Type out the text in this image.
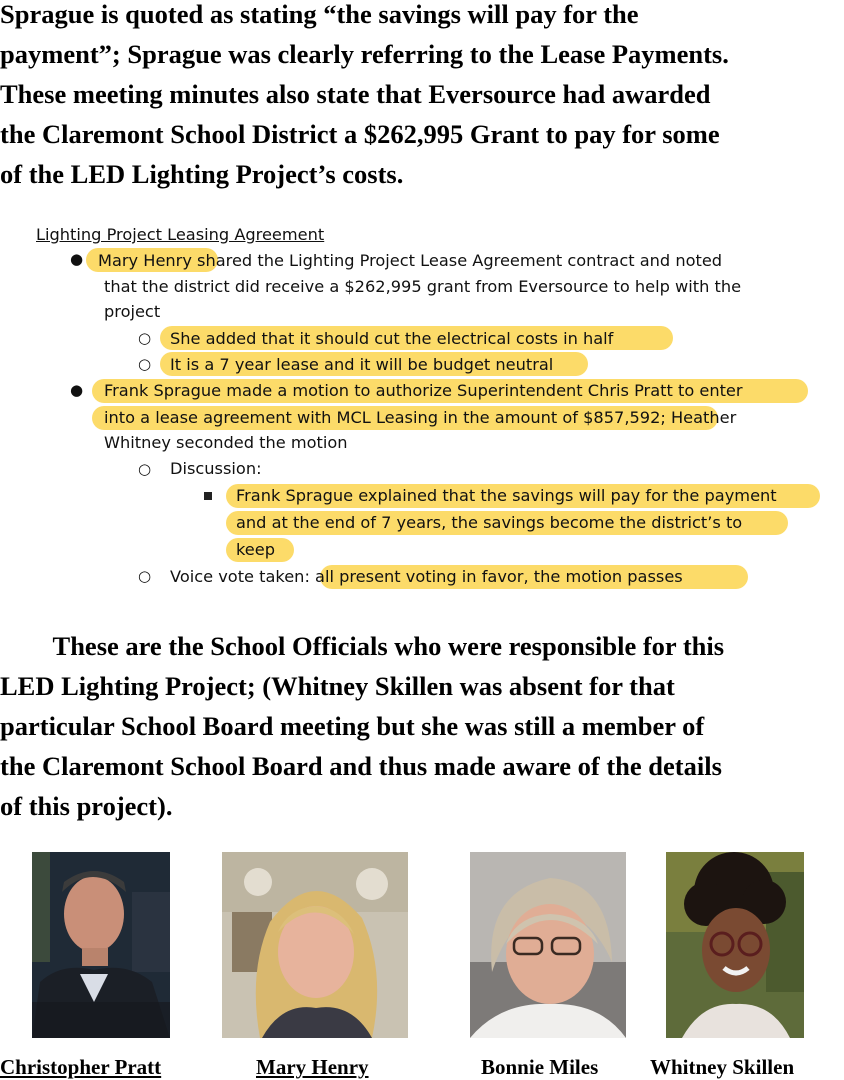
Sprague is quoted as stating “the savings will pay for the
payment”; Sprague was clearly referring to the Lease Payments.
These meeting minutes also state that Eversource had awarded
the Claremont School District a $262,995 Grant to pay for some
of the LED Lighting Project’s costs.

Lighting Project Leasing Agreement
● Mary Henry shared the Lighting Project Lease Agreement contract and noted
that the district did receive a $262,995 grant from Eversource to help with the
project
○ She added that it should cut the electrical costs in half
○ It is a 7 year lease and it will be budget neutral
● Frank Sprague made a motion to authorize Superintendent Chris Pratt to enter
into a lease agreement with MCL Leasing in the amount of $857,592; Heather
Whitney seconded the motion
○ Discussion:
Frank Sprague explained that the savings will pay for the payment
and at the end of 7 years, the savings become the district’s to
keep
○ Voice vote taken: all present voting in favor, the motion passes

These are the School Officials who were responsible for this
LED Lighting Project; (Whitney Skillen was absent for that
particular School Board meeting but she was still a member of
the Claremont School Board and thus made aware of the details
of this project).

Christopher Pratt	Mary Henry	Bonnie Miles Whitney Skillen
